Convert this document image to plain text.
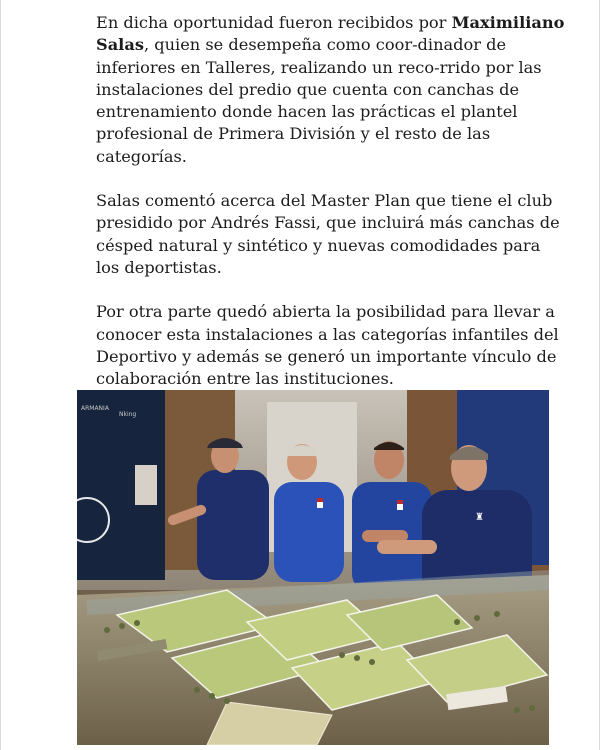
En dicha oportunidad fueron recibidos por Maximiliano Salas, quien se desempeña como coor-dinador de inferiores en Talleres, realizando un reco-rrido por las instalaciones del predio que cuenta con canchas de entrenamiento donde hacen las prácticas el plantel profesional de Primera División y el resto de las categorías.

Salas comentó acerca del Master Plan que tiene el club presidido por Andrés Fassi, que incluirá más canchas de césped natural y sintético y nuevas comodidades para los deportistas.

Por otra parte quedó abierta la posibilidad para llevar a conocer esta instalaciones a las categorías infantiles del Deportivo y además se generó un importante vínculo de colaboración entre las instituciones.

ARMANIA
Nking
♜
